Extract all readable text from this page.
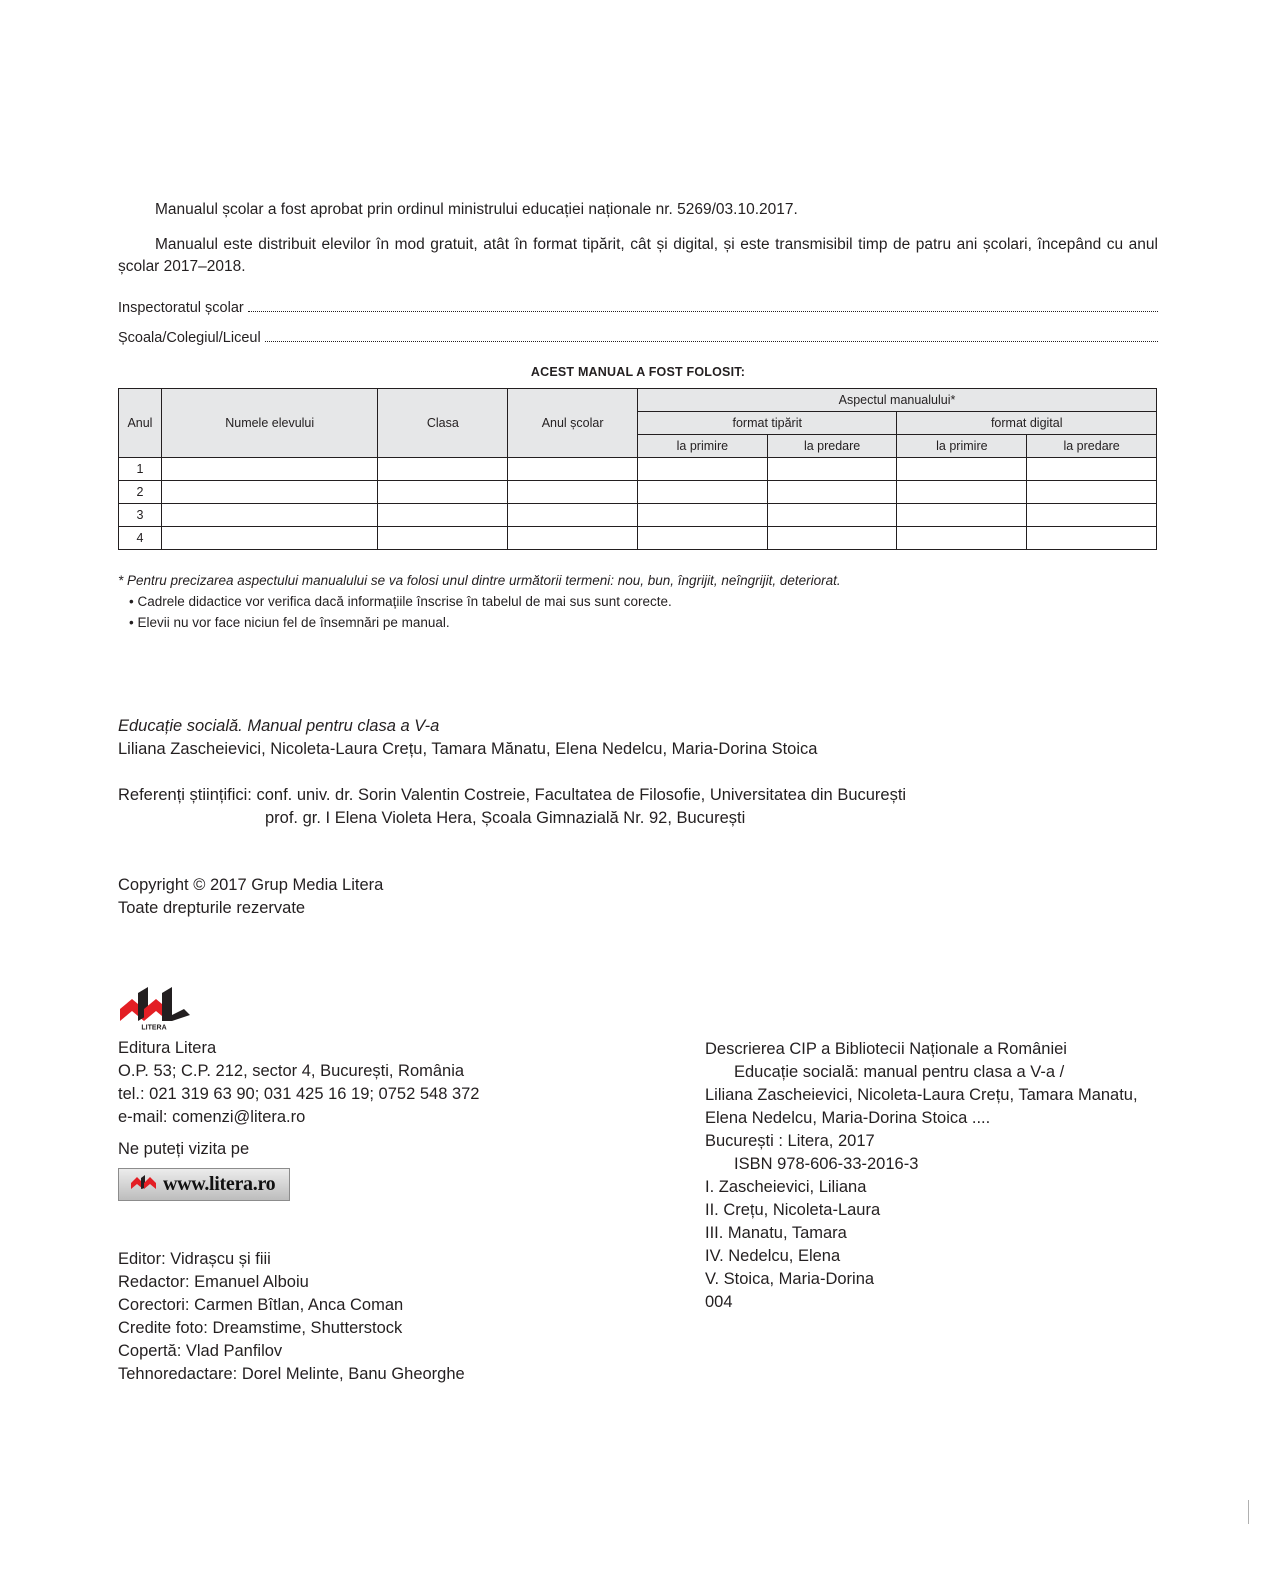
Manualul școlar a fost aprobat prin ordinul ministrului educației naționale nr. 5269/03.10.2017.
Manualul este distribuit elevilor în mod gratuit, atât în format tipărit, cât și digital, și este transmisibil timp de patru ani școlari, începând cu anul școlar 2017–2018.
Inspectoratul școlar
Școala/Colegiul/Liceul
ACEST MANUAL A FOST FOLOSIT:
Anul	Numele elevului	Clasa	Anul școlar	Aspectul manualului*			
				format tipărit		format digital	
				la primire	la predare	la primire	la predare
1							
2							
3							
4							
* Pentru precizarea aspectului manualului se va folosi unul dintre următorii termeni: nou, bun, îngrijit, neîngrijit, deteriorat.
• Cadrele didactice vor verifica dacă informațiile înscrise în tabelul de mai sus sunt corecte.
• Elevii nu vor face niciun fel de însemnări pe manual.
Educație socială. Manual pentru clasa a V-a
Liliana Zascheievici, Nicoleta-Laura Crețu, Tamara Mănatu, Elena Nedelcu, Maria-Dorina Stoica
Referenți științifici: conf. univ. dr. Sorin Valentin Costreie, Facultatea de Filosofie, Universitatea din București
prof. gr. I Elena Violeta Hera, Școala Gimnazială Nr. 92, București
Copyright © 2017 Grup Media Litera
Toate drepturile rezervate
LITERA
Editura Litera
O.P. 53; C.P. 212, sector 4, București, România
tel.: 021 319 63 90; 031 425 16 19; 0752 548 372
e-mail: comenzi@litera.ro
Ne puteți vizita pe
www.litera.ro
Editor: Vidrașcu și fiii
Redactor: Emanuel Alboiu
Corectori: Carmen Bîtlan, Anca Coman
Credite foto: Dreamstime, Shutterstock
Copertă: Vlad Panfilov
Tehnoredactare: Dorel Melinte, Banu Gheorghe
Descrierea CIP a Bibliotecii Naționale a României
Educație socială: manual pentru clasa a V-a /
Liliana Zascheievici, Nicoleta-Laura Crețu, Tamara Manatu,
Elena Nedelcu, Maria-Dorina Stoica ....
București : Litera, 2017
ISBN 978-606-33-2016-3
I. Zascheievici, Liliana
II. Crețu, Nicoleta-Laura
III. Manatu, Tamara
IV. Nedelcu, Elena
V. Stoica, Maria-Dorina
004
